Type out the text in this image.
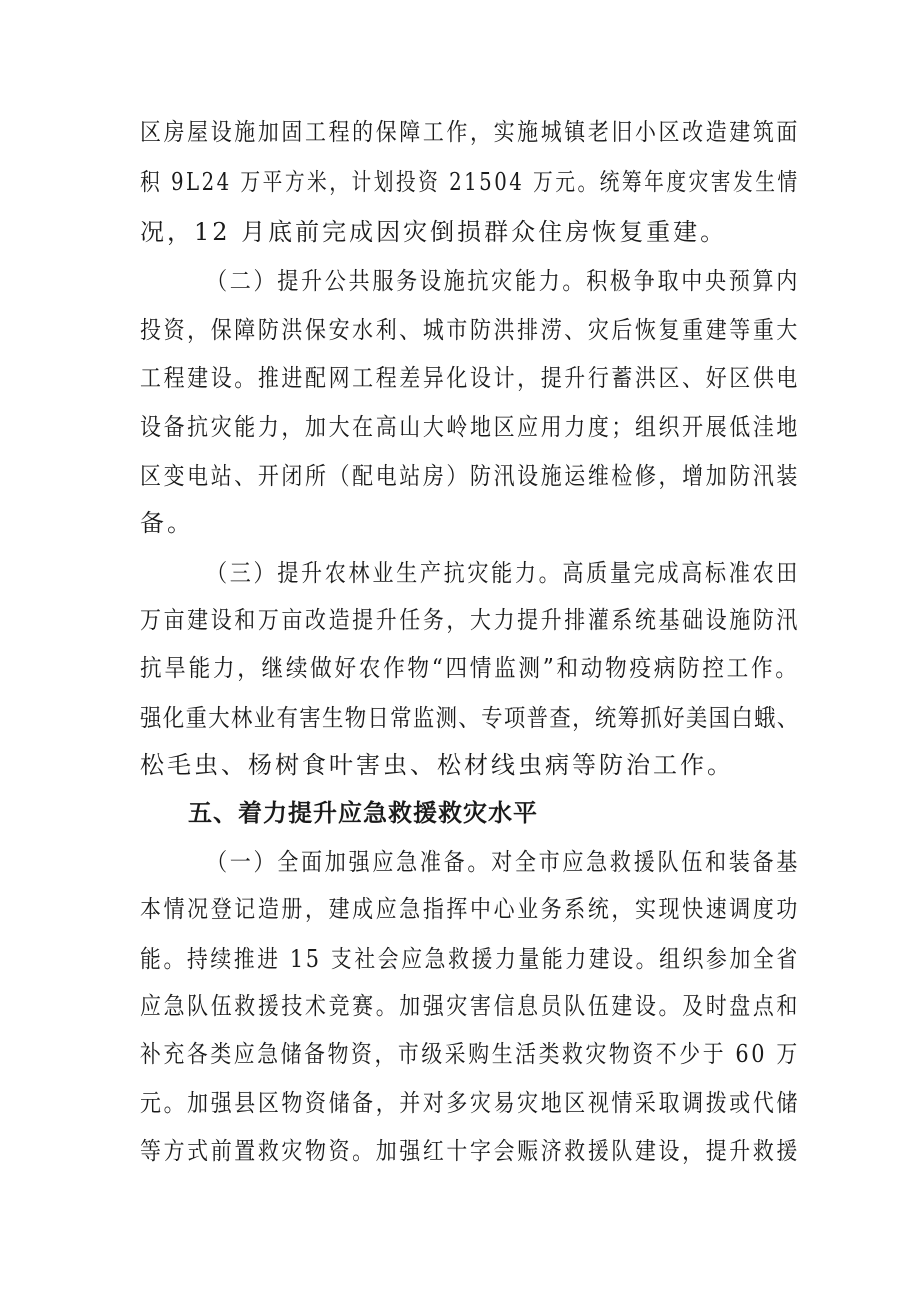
区房屋设施加固工程的保障工作，实施城镇老旧小区改造建筑面
积 9L24 万平方米，计划投资 21504 万元。统筹年度灾害发生情
况，12 月底前完成因灾倒损群众住房恢复重建。
（二）提升公共服务设施抗灾能力。积极争取中央预算内
投资，保障防洪保安水利、城市防洪排涝、灾后恢复重建等重大
工程建设。推进配网工程差异化设计，提升行蓄洪区、好区供电
设备抗灾能力，加大在高山大岭地区应用力度；组织开展低洼地
区变电站、开闭所（配电站房）防汛设施运维检修，增加防汛装
备。
（三）提升农林业生产抗灾能力。高质量完成高标准农田
万亩建设和万亩改造提升任务，大力提升排灌系统基础设施防汛
抗旱能力，继续做好农作物“四情监测”和动物疫病防控工作。
强化重大林业有害生物日常监测、专项普查，统筹抓好美国白蛾、
松毛虫、杨树食叶害虫、松材线虫病等防治工作。
五、着力提升应急救援救灾水平
（一）全面加强应急准备。对全市应急救援队伍和装备基
本情况登记造册，建成应急指挥中心业务系统，实现快速调度功
能。持续推进 15 支社会应急救援力量能力建设。组织参加全省
应急队伍救援技术竞赛。加强灾害信息员队伍建设。及时盘点和
补充各类应急储备物资，市级采购生活类救灾物资不少于 60 万
元。加强县区物资储备，并对多灾易灾地区视情采取调拨或代储
等方式前置救灾物资。加强红十字会赈济救援队建设，提升救援
